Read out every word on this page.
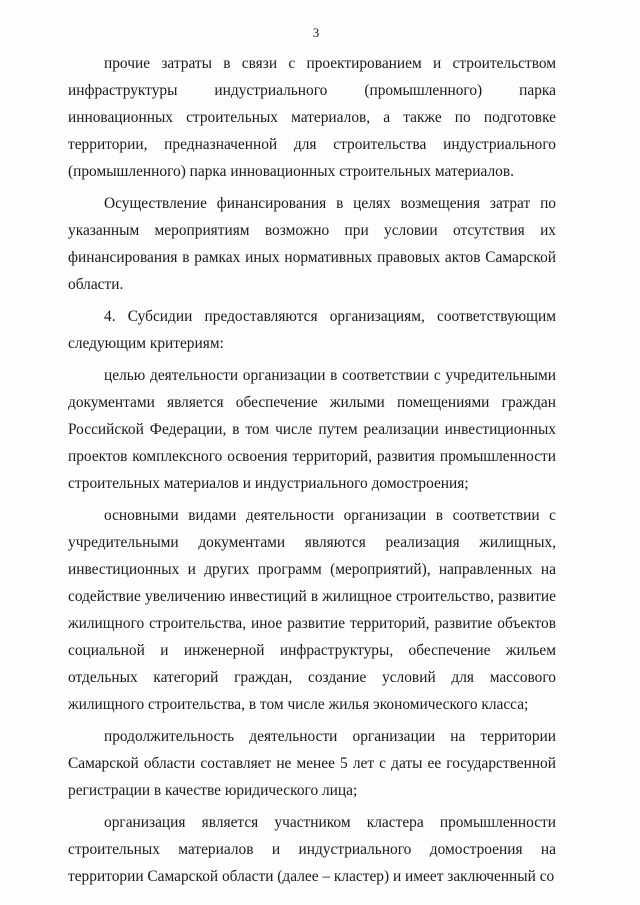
3

прочие затраты в связи с проектированием и строительством инфраструктуры индустриального (промышленного) парка инновационных строительных материалов, а также по подготовке территории, предназначенной для строительства индустриального (промышленного) парка инновационных строительных материалов.

Осуществление финансирования в целях возмещения затрат по указанным мероприятиям возможно при условии отсутствия их финансирования в рамках иных нормативных правовых актов Самарской области.

4. Субсидии предоставляются организациям, соответствующим следующим критериям:

целью деятельности организации в соответствии с учредительными документами является обеспечение жилыми помещениями граждан Российской Федерации, в том числе путем реализации инвестиционных проектов комплексного освоения территорий, развития промышленности строительных материалов и индустриального домостроения;

основными видами деятельности организации в соответствии с учредительными документами являются реализация жилищных, инвестиционных и других программ (мероприятий), направленных на содействие увеличению инвестиций в жилищное строительство, развитие жилищного строительства, иное развитие территорий, развитие объектов социальной и инженерной инфраструктуры, обеспечение жильем отдельных категорий граждан, создание условий для массового жилищного строительства, в том числе жилья экономического класса;

продолжительность деятельности организации на территории Самарской области составляет не менее 5 лет с даты ее государственной регистрации в качестве юридического лица;

организация является участником кластера промышленности строительных материалов и индустриального домостроения на территории Самарской области (далее – кластер) и имеет заключенный со
